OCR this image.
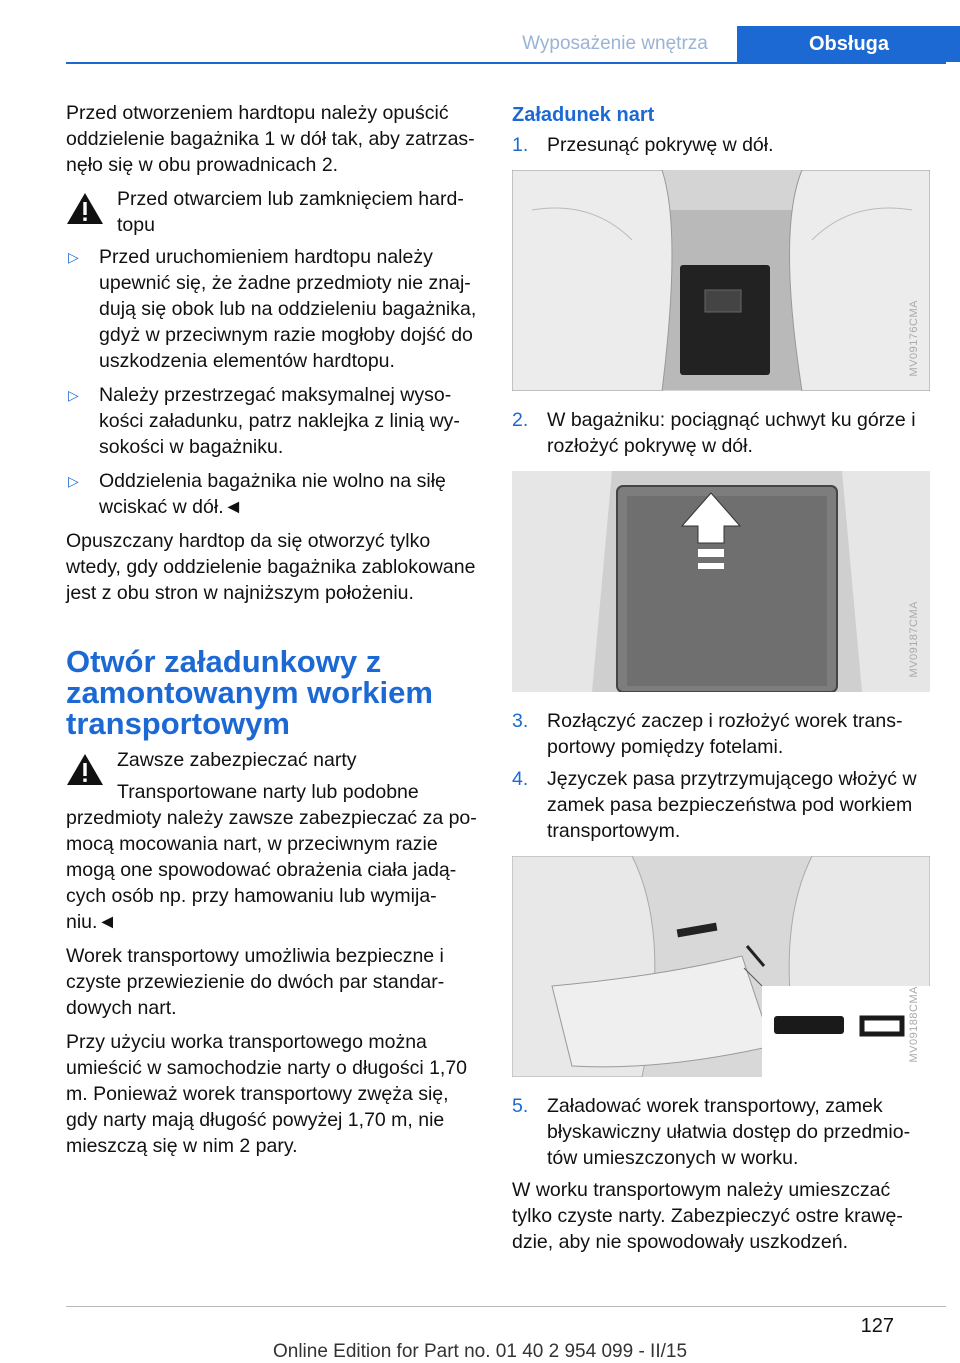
Wyposażenie wnętrza	Obsługa

Przed otworzeniem hardtopu należy opuścić oddzielenie bagażnika 1 w dół tak, aby zatrzasnęło się w obu prowadnicach 2.

Przed otwarciem lub zamknięciem hardtopu
▷ Przed uruchomieniem hardtopu należy upewnić się, że żadne przedmioty nie znajdują się obok lub na oddzieleniu bagażnika, gdyż w przeciwnym razie mogłoby dojść do uszkodzenia elementów hardtopu.
▷ Należy przestrzegać maksymalnej wysokości załadunku, patrz naklejka z linią wysokości w bagażniku.
▷ Oddzielenia bagażnika nie wolno na siłę wciskać w dół.◄

Opuszczany hardtop da się otworzyć tylko wtedy, gdy oddzielenie bagażnika zablokowane jest z obu stron w najniższym położeniu.

Otwór załadunkowy z zamontowanym workiem transportowym
Zawsze zabezpieczać narty

Transportowane narty lub podobne przedmioty należy zawsze zabezpieczać za pomocą mocowania nart, w przeciwnym razie mogą one spowodować obrażenia ciała jadących osób np. przy hamowaniu lub wymijaniu.◄

Worek transportowy umożliwia bezpieczne i czyste przewiezienie do dwóch par standardowych nart.

Przy użyciu worka transportowego można umieścić w samochodzie narty o długości 1,70 m. Ponieważ worek transportowy zwęża się, gdy narty mają długość powyżej 1,70 m, nie mieszczą się w nim 2 pary.

Załadunek nart
1. Przesunąć pokrywę w dół.
MV09176CMA
2. W bagażniku: pociągnąć uchwyt ku górze i rozłożyć pokrywę w dół.
MV09187CMA
3. Rozłączyć zaczep i rozłożyć worek transportowy pomiędzy fotelami.
4. Języczek pasa przytrzymującego włożyć w zamek pasa bezpieczeństwa pod workiem transportowym.
MV09188CMA
5. Załadować worek transportowy, zamek błyskawiczny ułatwia dostęp do przedmiotów umieszczonych w worku.

W worku transportowym należy umieszczać tylko czyste narty. Zabezpieczyć ostre krawędzie, aby nie spowodowały uszkodzeń.

127
Online Edition for Part no. 01 40 2 954 099 - II/15
